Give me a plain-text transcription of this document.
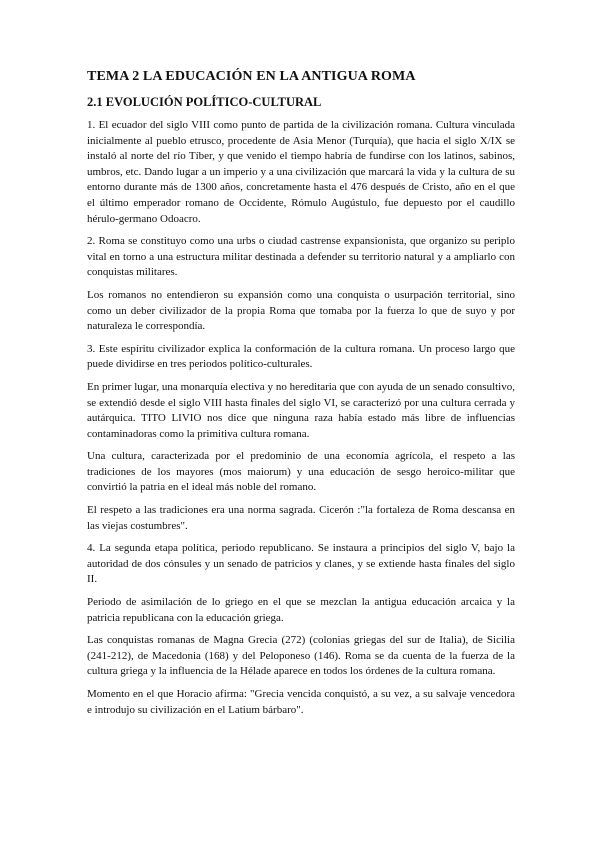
TEMA 2 LA EDUCACIÓN EN LA ANTIGUA ROMA
2.1 EVOLUCIÓN POLÍTICO-CULTURAL

1. El ecuador del siglo VIII como punto de partida de la civilización romana. Cultura vinculada inicialmente al pueblo etrusco, procedente de Asia Menor (Turquía), que hacia el siglo X/IX se instaló al norte del río Tíber, y que venido el tiempo habría de fundirse con los latinos, sabinos, umbros, etc. Dando lugar a un imperio y a una civilización que marcará la vida y la cultura de su entorno durante más de 1300 años, concretamente hasta el 476 después de Cristo, año en el que el último emperador romano de Occidente, Rómulo Augústulo, fue depuesto por el caudillo hérulo-germano Odoacro.

2. Roma se constituyo como una urbs o ciudad castrense expansionista, que organizo su periplo vital en torno a una estructura militar destinada a defender su territorio natural y a ampliarlo con conquistas militares.

Los romanos no entendieron su expansión como una conquista o usurpación territorial, sino como un deber civilizador de la propia Roma que tomaba por la fuerza lo que de suyo y por naturaleza le correspondía.

3. Este espíritu civilizador explica la conformación de la cultura romana. Un proceso largo que puede dividirse en tres periodos político-culturales.

En primer lugar, una monarquía electiva y no hereditaria que con ayuda de un senado consultivo, se extendió desde el siglo VIII hasta finales del siglo VI, se caracterizó por una cultura cerrada y autárquica. TITO LIVIO nos dice que ninguna raza había estado más libre de influencias contaminadoras como la primitiva cultura romana.

Una cultura, caracterizada por el predominio de una economía agrícola, el respeto a las tradiciones de los mayores (mos maiorum) y una educación de sesgo heroico-militar que convirtió la patria en el ideal más noble del romano.

El respeto a las tradiciones era una norma sagrada. Cicerón :"la fortaleza de Roma descansa en las viejas costumbres".

4. La segunda etapa política, periodo republicano. Se instaura a principios del siglo V, bajo la autoridad de dos cónsules y un senado de patricios y clanes, y se extiende hasta finales del siglo II.

Periodo de asimilación de lo griego en el que se mezclan la antigua educación arcaica y la patricia republicana con la educación griega.

Las conquistas romanas de Magna Grecia (272) (colonias griegas del sur de Italia), de Sicilia (241-212), de Macedonia (168) y del Peloponeso (146). Roma se da cuenta de la fuerza de la cultura griega y la influencia de la Hélade aparece en todos los órdenes de la cultura romana.

Momento en el que Horacio afirma: "Grecia vencida conquistó, a su vez, a su salvaje vencedora e introdujo su civilización en el Latium bárbaro".
